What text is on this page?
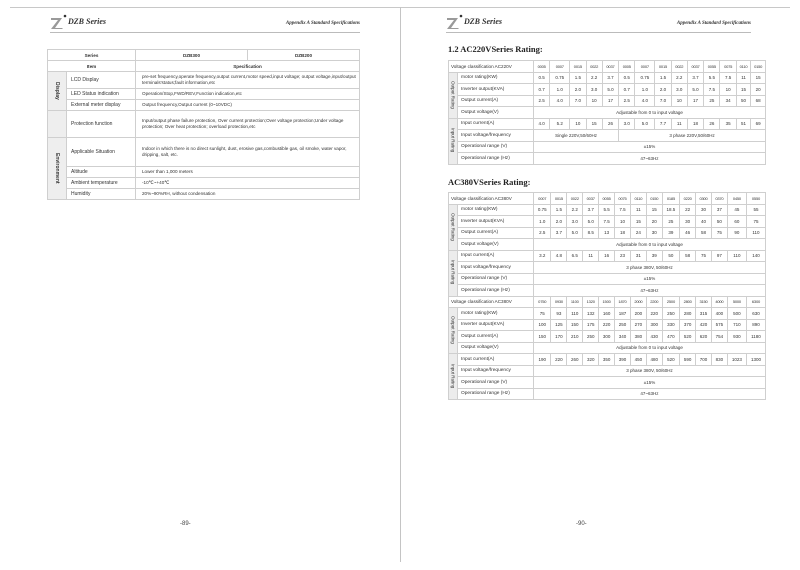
DZB Series	Appendix A Standard Specifications
Series		DZB300	DZB200
Item		Specification	
Display	LCD Display	pre-set frequency,operate frequency,output current,motor speed,input voltage; output voltage,input/output terminals'status;fault information,etc	
	LED Status indication	Operation/Stop,FWD/REV,Function indication,etc	
	External meter display	Output frequency,Output current (0~10VDC)	
	Protection function	Input/output phase failure protection, Over current protection;Over voltage protection;Under voltage protection; Over heat protection; overload protection,etc	
Environment	Applicable Situation	Indoor in which there is no direct sunlight, dust, erosive gas,combustible gas, oil smoke, water vapor, dripping, salt, etc.	
	Altitude	Lower than 1,000 meters	
	Ambient temperature	-10℃~+40℃	
	Humidity	20%~90%RH, without condensation	
-89-
DZB Series	Appendix A Standard Specifications
-90-
1.2 AC220VSeries Rating:
Voltage classification AC220V		0005	0007	0015	0022	0037	0005	0007	0015	0022	0037	0055	0075	0110	0150
Output Rating	motor rating(KW)	0.5	0.75	1.5	2.2	3.7	0.5	0.75	1.5	2.2	3.7	5.5	7.5	11	15
	Inverter output(KVA)	0.7	1.0	2.0	3.0	5.0	0.7	1.0	2.0	3.0	5.0	7.5	10	15	20
	Output current(A)	2.5	4.0	7.0	10	17	2.5	4.0	7.0	10	17	25	34	50	68
	Output voltage(V)	Adjustable from 0 to input voltage													
Input Rating	Input current(A)	4.0	5.2	10	15	26	3.0	5.0	7.7	11	18	26	35	51	69
	Input voltage/frequency	Single 220V,50/60Hz					3 phase 220V,50/60Hz								
	Operational range (V)	±15%													
	Operational range (Hz)	47~63Hz													
AC380VSeries Rating:
Voltage classification AC380V		0007	0015	0022	0037	0055	0075	0110	0150	0185	0220	0300	0370	0450	0550
Output Rating	motor rating(KW)	0.75	1.5	2.2	3.7	5.5	7.5	11	15	18.5	22	30	37	45	55
	Inverter output(KVA)	1.0	2.0	3.0	5.0	7.5	10	15	20	25	30	40	50	60	75
	Output current(A)	2.5	3.7	5.0	8.5	13	18	24	30	39	46	58	75	90	110
	Output voltage(V)	Adjustable from 0 to input voltage													
Input Rating	Input current(A)	3.2	4.8	6.5	11	16	23	31	39	50	58	75	97	110	140
	Input voltage/frequency	3 phase 380V, 50/60Hz													
	Operational range (V)	±15%													
	Operational range (Hz)	47~63Hz													
Voltage classification AC380V		0750	0930	1100	1320	1500	1870	2000	2200	2500	2800	3150	4000	5000	6300
Output Rating	motor rating(KW)	75	93	110	132	160	187	200	220	250	280	315	400	500	630
	Inverter output(KVA)	100	125	150	175	220	250	270	300	330	370	420	575	710	890
	Output current(A)	150	170	210	250	300	340	380	430	470	520	620	754	930	1180
	Output voltage(V)	Adjustable from 0 to input voltage													
Input Rating	Input current(A)	190	220	260	320	350	390	450	480	520	590	700	830	1023	1300
	Input voltage/frequency	3 phase 380V, 50/60Hz													
	Operational range (V)	±15%													
	Operational range (Hz)	47~63Hz													
